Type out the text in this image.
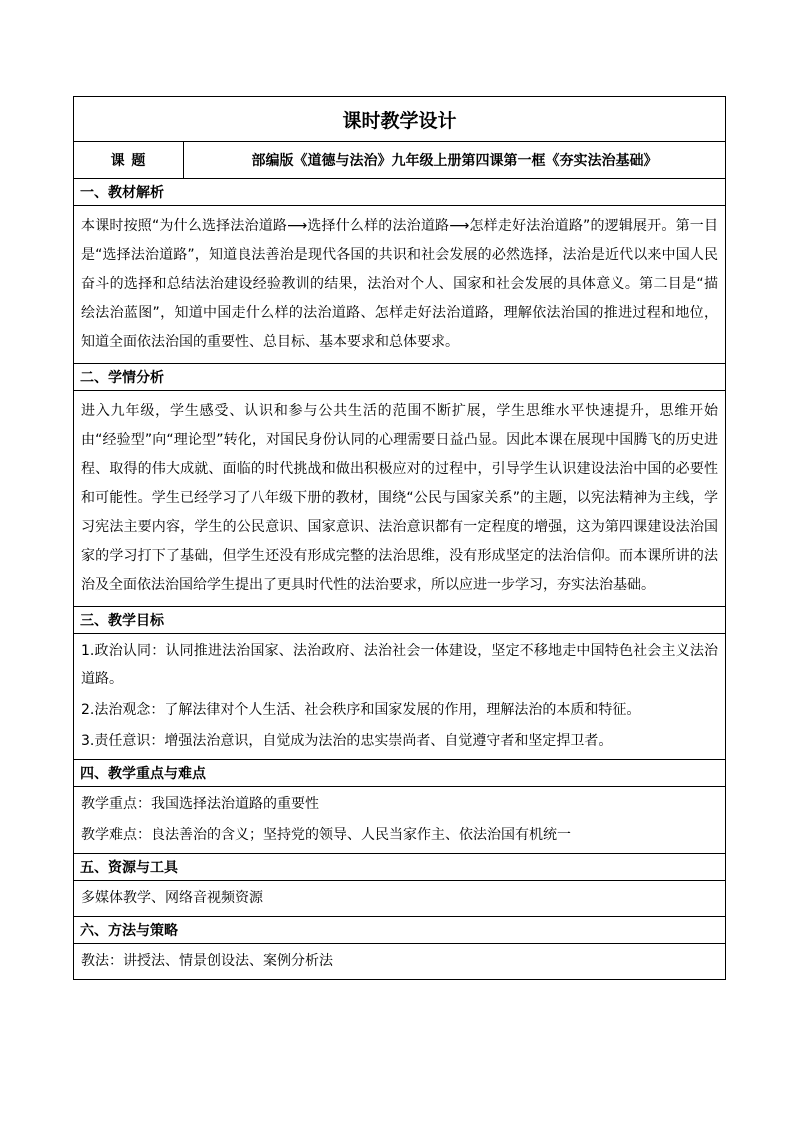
课时教学设计
课 题	部编版《道德与法治》九年级上册第四课第一框《夯实法治基础》
一、教材解析

本课时按照“为什么选择法治道路⟶选择什么样的法治道路⟶怎样走好法治道路”的逻辑展开。第一目是“选择法治道路”，知道良法善治是现代各国的共识和社会发展的必然选择，法治是近代以来中国人民奋斗的选择和总结法治建设经验教训的结果，法治对个人、国家和社会发展的具体意义。第二目是“描绘法治蓝图”，知道中国走什么样的法治道路、怎样走好法治道路，理解依法治国的推进过程和地位，知道全面依法治国的重要性、总目标、基本要求和总体要求。

二、学情分析

进入九年级，学生感受、认识和参与公共生活的范围不断扩展，学生思维水平快速提升，思维开始由“经验型”向“理论型”转化，对国民身份认同的心理需要日益凸显。因此本课在展现中国腾飞的历史进程、取得的伟大成就、面临的时代挑战和做出积极应对的过程中，引导学生认识建设法治中国的必要性和可能性。学生已经学习了八年级下册的教材，围绕“公民与国家关系”的主题，以宪法精神为主线，学习宪法主要内容，学生的公民意识、国家意识、法治意识都有一定程度的增强，这为第四课建设法治国家的学习打下了基础，但学生还没有形成完整的法治思维，没有形成坚定的法治信仰。而本课所讲的法治及全面依法治国给学生提出了更具时代性的法治要求，所以应进一步学习，夯实法治基础。

三、教学目标

1.政治认同：认同推进法治国家、法治政府、法治社会一体建设，坚定不移地走中国特色社会主义法治道路。

2.法治观念：了解法律对个人生活、社会秩序和国家发展的作用，理解法治的本质和特征。

3.责任意识：增强法治意识，自觉成为法治的忠实崇尚者、自觉遵守者和坚定捍卫者。

四、教学重点与难点

教学重点：我国选择法治道路的重要性

教学难点：良法善治的含义；坚持党的领导、人民当家作主、依法治国有机统一

五、资源与工具

多媒体教学、网络音视频资源

六、方法与策略

教法：讲授法、情景创设法、案例分析法
